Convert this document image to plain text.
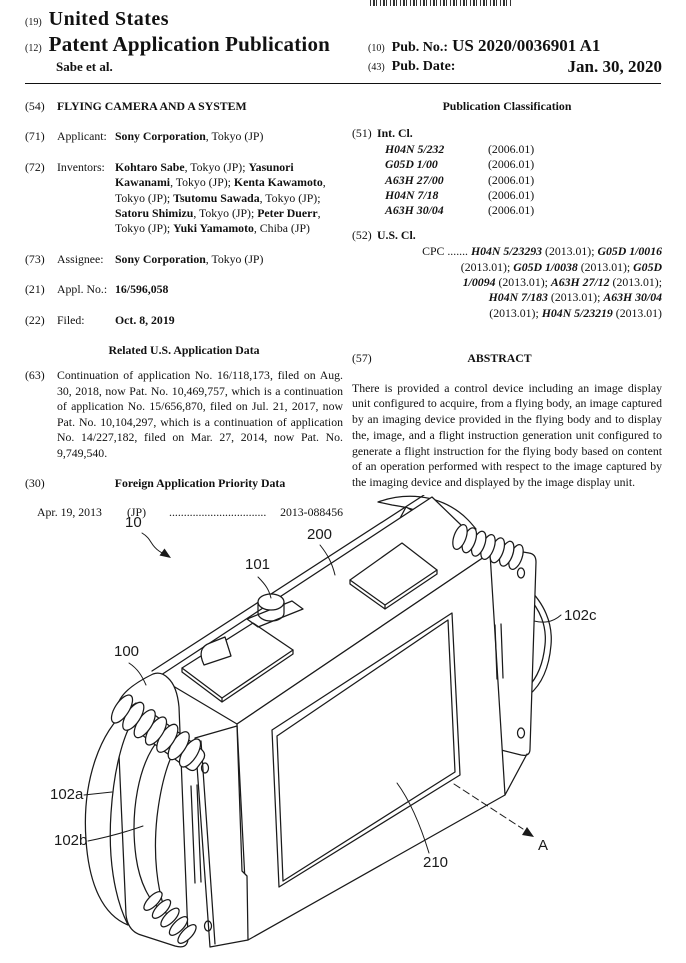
(19) United States
(12) Patent Application Publication
Sabe et al.
(10) Pub. No.: US 2020/0036901 A1
(43) Pub. Date:	Jan. 30, 2020
(54)	FLYING CAMERA AND A SYSTEM
(71)	Applicant: Sony Corporation, Tokyo (JP)
(72)	Inventors: Kohtaro Sabe, Tokyo (JP); Yasunori Kawanami, Tokyo (JP); Kenta Kawamoto, Tokyo (JP); Tsutomu Sawada, Tokyo (JP); Satoru Shimizu, Tokyo (JP); Peter Duerr, Tokyo (JP); Yuki Yamamoto, Chiba (JP)
(73)	Assignee: Sony Corporation, Tokyo (JP)
(21)	Appl. No.: 16/596,058
(22)	Filed:	Oct. 8, 2019
Related U.S. Application Data
(63)	Continuation of application No. 16/118,173, filed on Aug. 30, 2018, now Pat. No. 10,469,757, which is a continuation of application No. 15/656,870, filed on Jul. 21, 2017, now Pat. No. 10,104,297, which is a continuation of application No. 14/227,182, filed on Mar. 27, 2014, now Pat. No. 9,749,540.
(30)	Foreign Application Priority Data
Apr. 19, 2013	(JP)	.................................	2013-088456
Publication Classification
(51) Int. Cl.
H04N 5/232	(2006.01)
G05D 1/00	(2006.01)
A63H 27/00	(2006.01)
H04N 7/18	(2006.01)
A63H 30/04	(2006.01)
(52) U.S. Cl.
CPC ....... H04N 5/23293 (2013.01); G05D 1/0016
(2013.01); G05D 1/0038 (2013.01); G05D
1/0094 (2013.01); A63H 27/12 (2013.01);
H04N 7/183 (2013.01); A63H 30/04
(2013.01); H04N 5/23219 (2013.01)
(57)	ABSTRACT
There is provided a control device including an image display unit configured to acquire, from a flying body, an image captured by an imaging device provided in the flying body and to display the, image, and a flight instruction generation unit configured to generate a flight instruction for the flying body based on content of an operation performed with respect to the image captured by the imaging device and displayed by the image display unit.
10
200
101
100
102c
102a
102b
210
A
